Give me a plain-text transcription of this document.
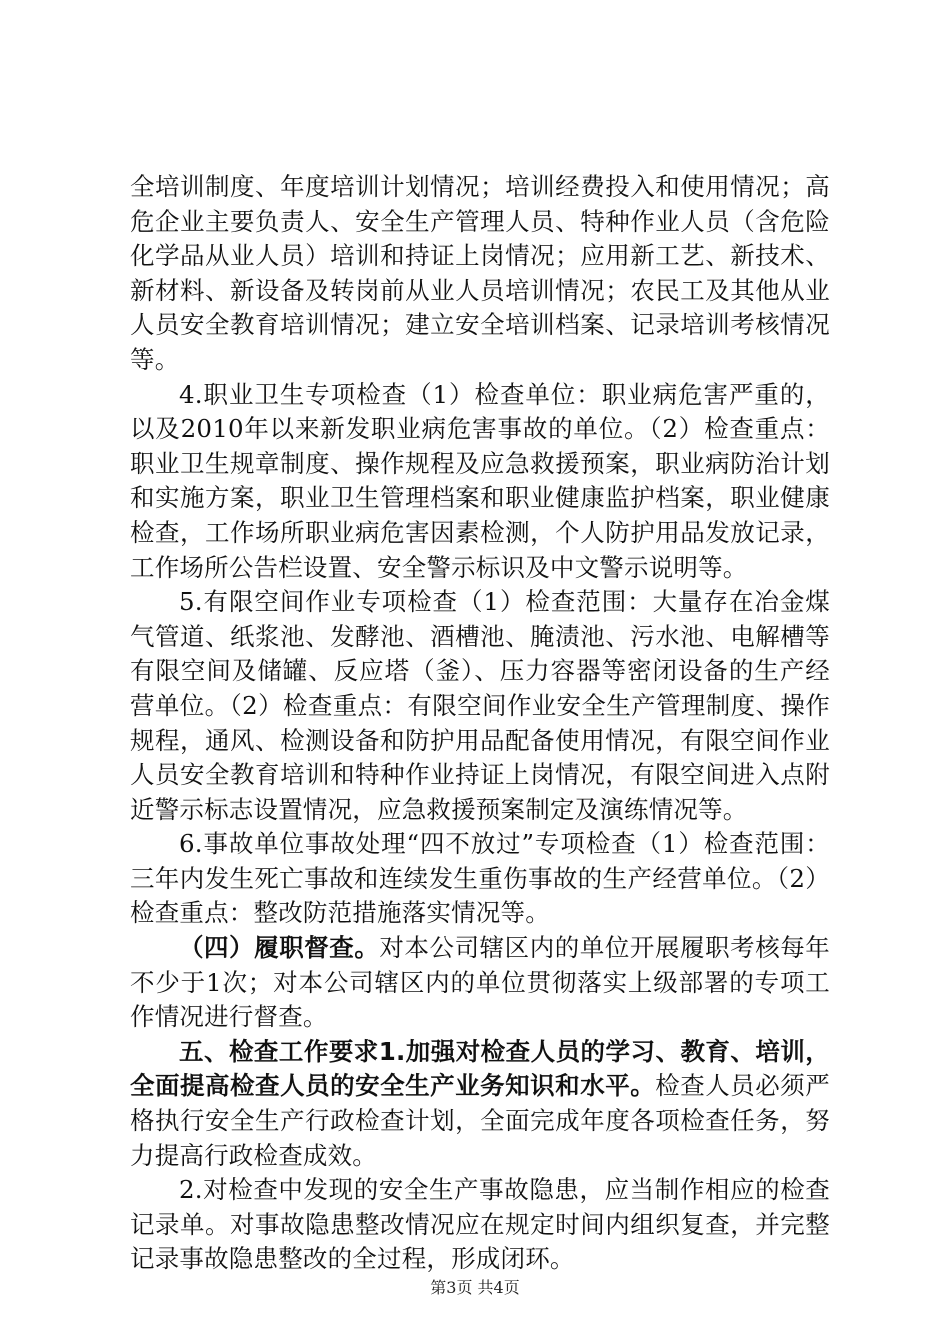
全培训制度、年度培训计划情况；培训经费投入和使用情况；高危企业主要负责人、安全生产管理人员、特种作业人员（含危险化学品从业人员）培训和持证上岗情况；应用新工艺、新技术、新材料、新设备及转岗前从业人员培训情况；农民工及其他从业人员安全教育培训情况；建立安全培训档案、记录培训考核情况等。

4.职业卫生专项检查（1）检查单位：职业病危害严重的，以及2010年以来新发职业病危害事故的单位。（2）检查重点：职业卫生规章制度、操作规程及应急救援预案，职业病防治计划和实施方案，职业卫生管理档案和职业健康监护档案，职业健康检查，工作场所职业病危害因素检测，个人防护用品发放记录，工作场所公告栏设置、安全警示标识及中文警示说明等。

5.有限空间作业专项检查（1）检查范围：大量存在冶金煤气管道、纸浆池、发酵池、酒槽池、腌渍池、污水池、电解槽等有限空间及储罐、反应塔（釜）、压力容器等密闭设备的生产经营单位。（2）检查重点：有限空间作业安全生产管理制度、操作规程，通风、检测设备和防护用品配备使用情况，有限空间作业人员安全教育培训和特种作业持证上岗情况，有限空间进入点附近警示标志设置情况，应急救援预案制定及演练情况等。

6.事故单位事故处理“四不放过”专项检查（1）检查范围：三年内发生死亡事故和连续发生重伤事故的生产经营单位。（2）检查重点：整改防范措施落实情况等。

（四）履职督查。对本公司辖区内的单位开展履职考核每年不少于1次；对本公司辖区内的单位贯彻落实上级部署的专项工作情况进行督查。

五、检查工作要求1.加强对检查人员的学习、教育、培训，全面提高检查人员的安全生产业务知识和水平。检查人员必须严格执行安全生产行政检查计划，全面完成年度各项检查任务，努力提高行政检查成效。

2.对检查中发现的安全生产事故隐患，应当制作相应的检查记录单。对事故隐患整改情况应在规定时间内组织复查，并完整记录事故隐患整改的全过程，形成闭环。

第3页 共4页
